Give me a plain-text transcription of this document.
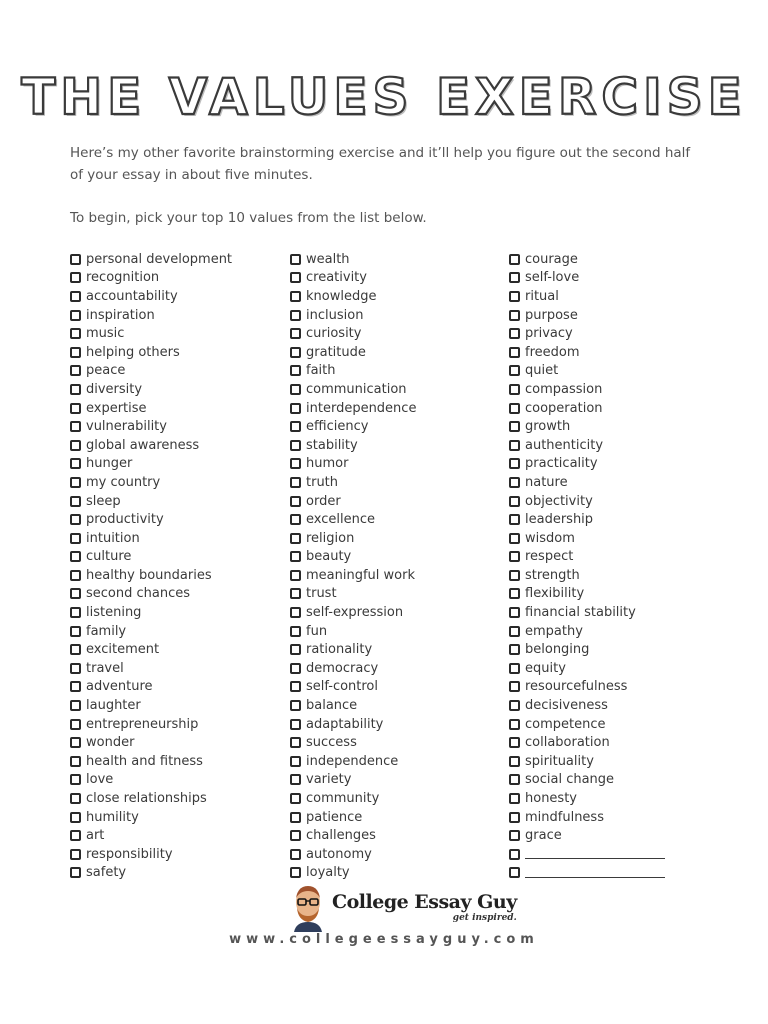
THE VALUES EXERCISE
Here’s my other favorite brainstorming exercise and it’ll help you figure out the second half of your essay in about five minutes.
To begin, pick your top 10 values from the list below.
personal development
recognition
accountability
inspiration
music
helping others
peace
diversity
expertise
vulnerability
global awareness
hunger
my country
sleep
productivity
intuition
culture
healthy boundaries
second chances
listening
family
excitement
travel
adventure
laughter
entrepreneurship
wonder
health and fitness
love
close relationships
humility
art
responsibility
safety
wealth
creativity
knowledge
inclusion
curiosity
gratitude
faith
communication
interdependence
efficiency
stability
humor
truth
order
excellence
religion
beauty
meaningful work
trust
self-expression
fun
rationality
democracy
self-control
balance
adaptability
success
independence
variety
community
patience
challenges
autonomy
loyalty
courage
self-love
ritual
purpose
privacy
freedom
quiet
compassion
cooperation
growth
authenticity
practicality
nature
objectivity
leadership
wisdom
respect
strength
flexibility
financial stability
empathy
belonging
equity
resourcefulness
decisiveness
competence
collaboration
spirituality
social change
honesty
mindfulness
grace
College Essay Guy
get inspired.
www.collegeessayguy.com
